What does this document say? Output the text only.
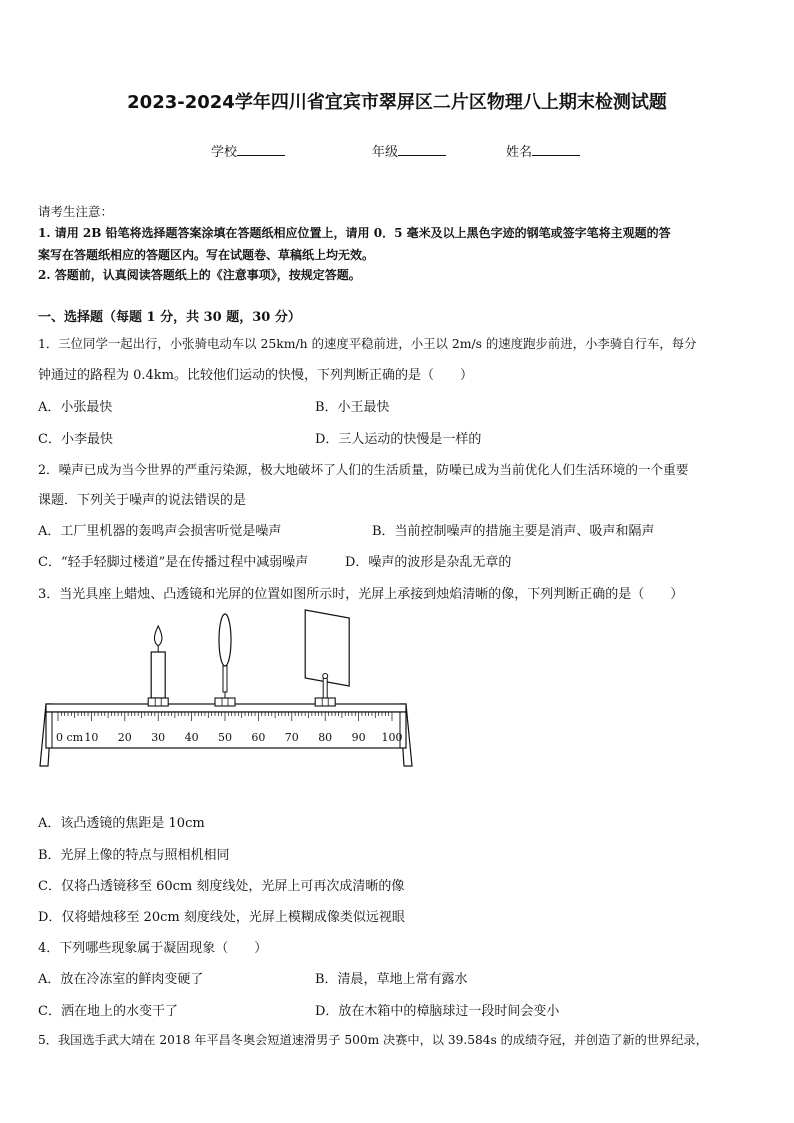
2023-2024学年四川省宜宾市翠屏区二片区物理八上期末检测试题
学校	年级	姓名
请考生注意：
1. 请用 2B 铅笔将选择题答案涂填在答题纸相应位置上，请用 0．5 毫米及以上黑色字迹的钢笔或签字笔将主观题的答
案写在答题纸相应的答题区内。写在试题卷、草稿纸上均无效。
2. 答题前，认真阅读答题纸上的《注意事项》，按规定答题。
一、选择题（每题 1 分，共 30 题，30 分）
1．三位同学一起出行，小张骑电动车以 25km/h 的速度平稳前进，小王以 2m/s 的速度跑步前进，小李骑自行车，每分
钟通过的路程为 0.4km。比较他们运动的快慢，下列判断正确的是（　　）
A．小张最快	B．小王最快
C．小李最快	D．三人运动的快慢是一样的
2．噪声已成为当今世界的严重污染源，极大地破坏了人们的生活质量，防噪已成为当前优化人们生活环境的一个重要
课题．下列关于噪声的说法错误的是
A．工厂里机器的轰鸣声会损害听觉是噪声	B．当前控制噪声的措施主要是消声、吸声和隔声
C．“轻手轻脚过楼道”是在传播过程中减弱噪声	D．噪声的波形是杂乱无章的
3．当光具座上蜡烛、凸透镜和光屏的位置如图所示时，光屏上承接到烛焰清晰的像，下列判断正确的是（　　）
0 cm 10 20 30 40 50 60 70 80 90 100
A．该凸透镜的焦距是 10cm
B．光屏上像的特点与照相机相同
C．仅将凸透镜移至 60cm 刻度线处，光屏上可再次成清晰的像
D．仅将蜡烛移至 20cm 刻度线处，光屏上模糊成像类似远视眼
4．下列哪些现象属于凝固现象（　　）
A．放在冷冻室的鲜肉变硬了	B．清晨，草地上常有露水
C．洒在地上的水变干了	D．放在木箱中的樟脑球过一段时间会变小
5．我国选手武大靖在 2018 年平昌冬奥会短道速滑男子 500m 决赛中，以 39.584s 的成绩夺冠，并创造了新的世界纪录，
